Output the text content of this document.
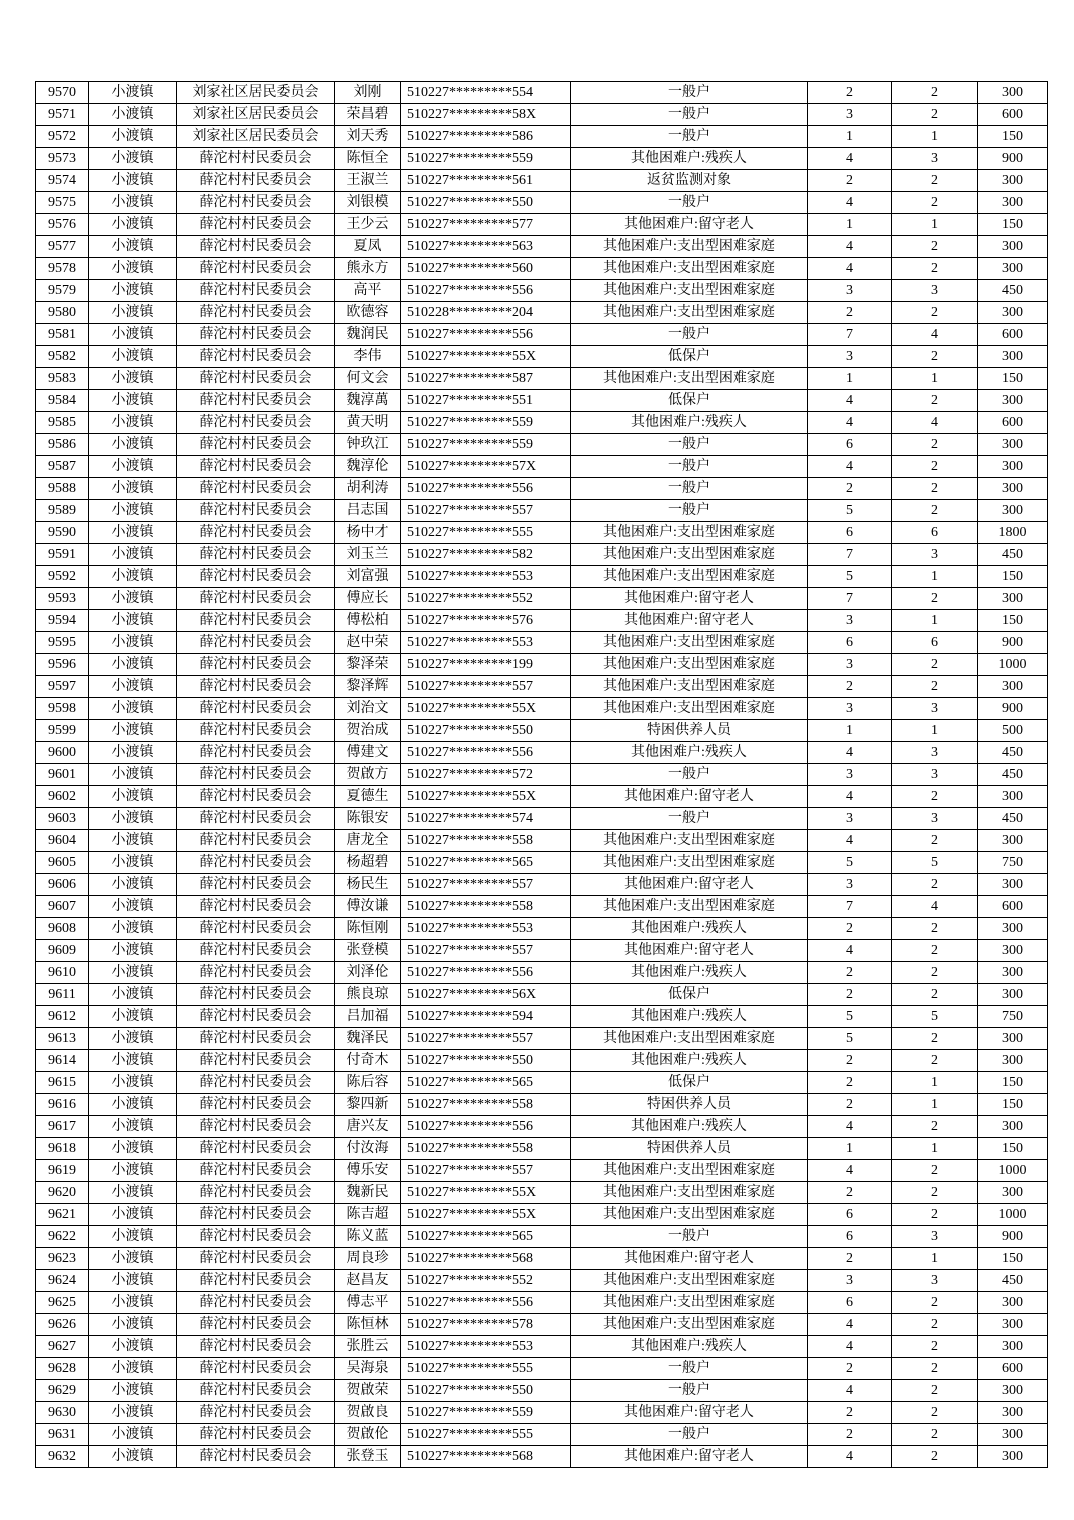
9570	小渡镇	刘家社区居民委员会	刘刚	510227*********554	一般户	2	2	300
9571	小渡镇	刘家社区居民委员会	荣昌碧	510227*********58X	一般户	3	2	600
9572	小渡镇	刘家社区居民委员会	刘天秀	510227*********586	一般户	1	1	150
9573	小渡镇	薛沱村村民委员会	陈恒全	510227*********559	其他困难户:残疾人	4	3	900
9574	小渡镇	薛沱村村民委员会	王淑兰	510227*********561	返贫监测对象	2	2	300
9575	小渡镇	薛沱村村民委员会	刘银模	510227*********550	一般户	4	2	300
9576	小渡镇	薛沱村村民委员会	王少云	510227*********577	其他困难户:留守老人	1	1	150
9577	小渡镇	薛沱村村民委员会	夏凤	510227*********563	其他困难户:支出型困难家庭	4	2	300
9578	小渡镇	薛沱村村民委员会	熊永方	510227*********560	其他困难户:支出型困难家庭	4	2	300
9579	小渡镇	薛沱村村民委员会	高平	510227*********556	其他困难户:支出型困难家庭	3	3	450
9580	小渡镇	薛沱村村民委员会	欧德容	510228*********204	其他困难户:支出型困难家庭	2	2	300
9581	小渡镇	薛沱村村民委员会	魏润民	510227*********556	一般户	7	4	600
9582	小渡镇	薛沱村村民委员会	李伟	510227*********55X	低保户	3	2	300
9583	小渡镇	薛沱村村民委员会	何文会	510227*********587	其他困难户:支出型困难家庭	1	1	150
9584	小渡镇	薛沱村村民委员会	魏淳萬	510227*********551	低保户	4	2	300
9585	小渡镇	薛沱村村民委员会	黄天明	510227*********559	其他困难户:残疾人	4	4	600
9586	小渡镇	薛沱村村民委员会	钟玖江	510227*********559	一般户	6	2	300
9587	小渡镇	薛沱村村民委员会	魏淳伦	510227*********57X	一般户	4	2	300
9588	小渡镇	薛沱村村民委员会	胡利涛	510227*********556	一般户	2	2	300
9589	小渡镇	薛沱村村民委员会	吕志国	510227*********557	一般户	5	2	300
9590	小渡镇	薛沱村村民委员会	杨中才	510227*********555	其他困难户:支出型困难家庭	6	6	1800
9591	小渡镇	薛沱村村民委员会	刘玉兰	510227*********582	其他困难户:支出型困难家庭	7	3	450
9592	小渡镇	薛沱村村民委员会	刘富强	510227*********553	其他困难户:支出型困难家庭	5	1	150
9593	小渡镇	薛沱村村民委员会	傅应长	510227*********552	其他困难户:留守老人	7	2	300
9594	小渡镇	薛沱村村民委员会	傅松柏	510227*********576	其他困难户:留守老人	3	1	150
9595	小渡镇	薛沱村村民委员会	赵中荣	510227*********553	其他困难户:支出型困难家庭	6	6	900
9596	小渡镇	薛沱村村民委员会	黎泽荣	510227*********199	其他困难户:支出型困难家庭	3	2	1000
9597	小渡镇	薛沱村村民委员会	黎泽辉	510227*********557	其他困难户:支出型困难家庭	2	2	300
9598	小渡镇	薛沱村村民委员会	刘治文	510227*********55X	其他困难户:支出型困难家庭	3	3	900
9599	小渡镇	薛沱村村民委员会	贺治成	510227*********550	特困供养人员	1	1	500
9600	小渡镇	薛沱村村民委员会	傅建文	510227*********556	其他困难户:残疾人	4	3	450
9601	小渡镇	薛沱村村民委员会	贺啟方	510227*********572	一般户	3	3	450
9602	小渡镇	薛沱村村民委员会	夏德生	510227*********55X	其他困难户:留守老人	4	2	300
9603	小渡镇	薛沱村村民委员会	陈银安	510227*********574	一般户	3	3	450
9604	小渡镇	薛沱村村民委员会	唐龙全	510227*********558	其他困难户:支出型困难家庭	4	2	300
9605	小渡镇	薛沱村村民委员会	杨超碧	510227*********565	其他困难户:支出型困难家庭	5	5	750
9606	小渡镇	薛沱村村民委员会	杨民生	510227*********557	其他困难户:留守老人	3	2	300
9607	小渡镇	薛沱村村民委员会	傅汝谦	510227*********558	其他困难户:支出型困难家庭	7	4	600
9608	小渡镇	薛沱村村民委员会	陈恒刚	510227*********553	其他困难户:残疾人	2	2	300
9609	小渡镇	薛沱村村民委员会	张登模	510227*********557	其他困难户:留守老人	4	2	300
9610	小渡镇	薛沱村村民委员会	刘泽伦	510227*********556	其他困难户:残疾人	2	2	300
9611	小渡镇	薛沱村村民委员会	熊良琼	510227*********56X	低保户	2	2	300
9612	小渡镇	薛沱村村民委员会	吕加福	510227*********594	其他困难户:残疾人	5	5	750
9613	小渡镇	薛沱村村民委员会	魏泽民	510227*********557	其他困难户:支出型困难家庭	5	2	300
9614	小渡镇	薛沱村村民委员会	付奇木	510227*********550	其他困难户:残疾人	2	2	300
9615	小渡镇	薛沱村村民委员会	陈后容	510227*********565	低保户	2	1	150
9616	小渡镇	薛沱村村民委员会	黎四新	510227*********558	特困供养人员	2	1	150
9617	小渡镇	薛沱村村民委员会	唐兴友	510227*********556	其他困难户:残疾人	4	2	300
9618	小渡镇	薛沱村村民委员会	付汝海	510227*********558	特困供养人员	1	1	150
9619	小渡镇	薛沱村村民委员会	傅乐安	510227*********557	其他困难户:支出型困难家庭	4	2	1000
9620	小渡镇	薛沱村村民委员会	魏新民	510227*********55X	其他困难户:支出型困难家庭	2	2	300
9621	小渡镇	薛沱村村民委员会	陈吉超	510227*********55X	其他困难户:支出型困难家庭	6	2	1000
9622	小渡镇	薛沱村村民委员会	陈义蓝	510227*********565	一般户	6	3	900
9623	小渡镇	薛沱村村民委员会	周良珍	510227*********568	其他困难户:留守老人	2	1	150
9624	小渡镇	薛沱村村民委员会	赵昌友	510227*********552	其他困难户:支出型困难家庭	3	3	450
9625	小渡镇	薛沱村村民委员会	傅志平	510227*********556	其他困难户:支出型困难家庭	6	2	300
9626	小渡镇	薛沱村村民委员会	陈恒林	510227*********578	其他困难户:支出型困难家庭	4	2	300
9627	小渡镇	薛沱村村民委员会	张胜云	510227*********553	其他困难户:残疾人	4	2	300
9628	小渡镇	薛沱村村民委员会	吴海泉	510227*********555	一般户	2	2	600
9629	小渡镇	薛沱村村民委员会	贺啟荣	510227*********550	一般户	4	2	300
9630	小渡镇	薛沱村村民委员会	贺啟良	510227*********559	其他困难户:留守老人	2	2	300
9631	小渡镇	薛沱村村民委员会	贺啟伦	510227*********555	一般户	2	2	300
9632	小渡镇	薛沱村村民委员会	张登玉	510227*********568	其他困难户:留守老人	4	2	300
